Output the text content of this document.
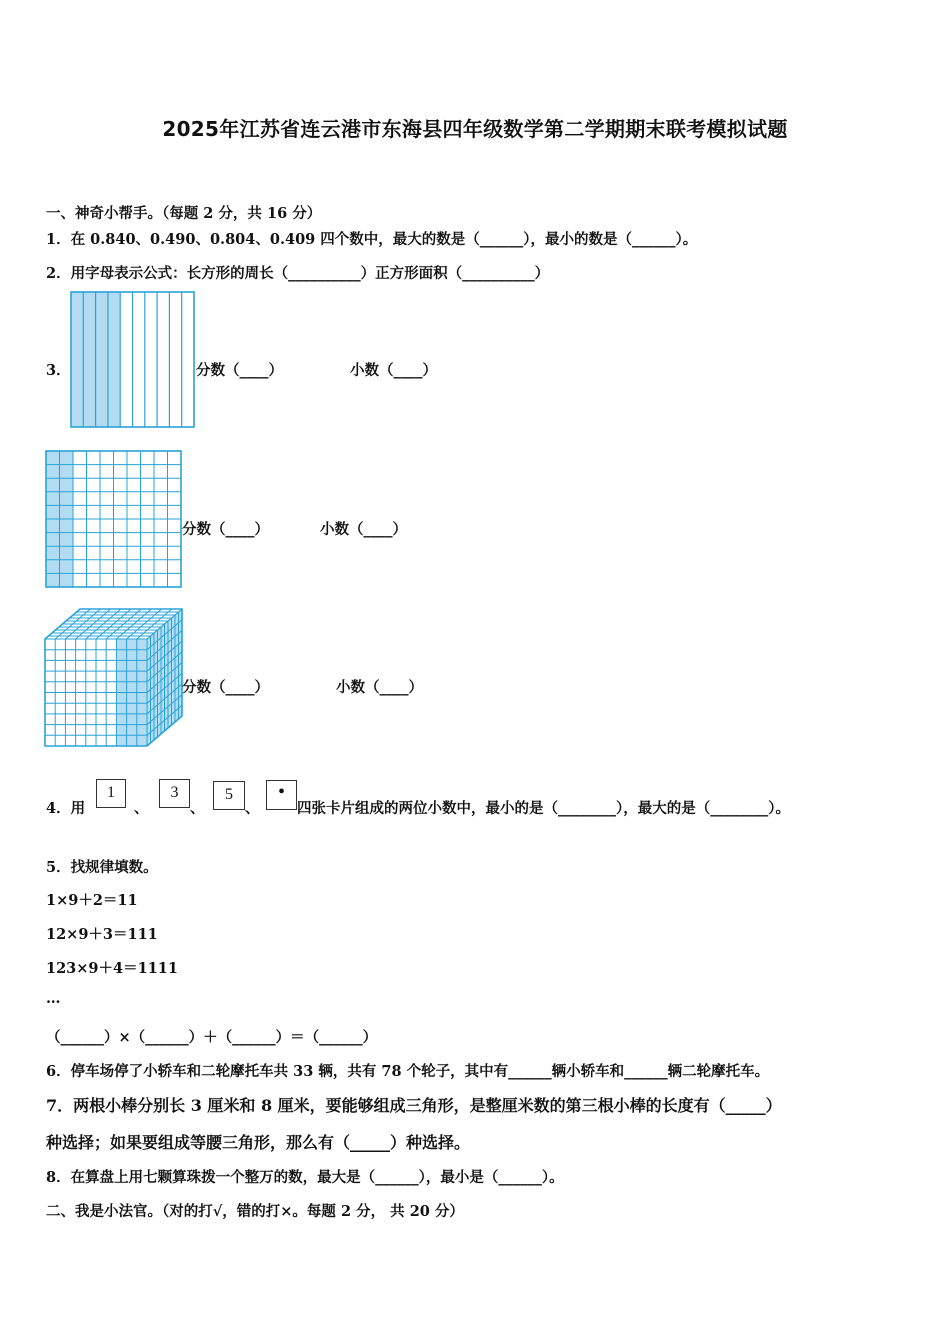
2025年江苏省连云港市东海县四年级数学第二学期期末联考模拟试题
一、神奇小帮手。（每题 2 分，共 16 分）
1．在 0.840、0.490、0.804、0.409 四个数中，最大的数是（______），最小的数是（______）。
2．用字母表示公式：长方形的周长（__________）正方形面积（__________）
3．	分数（____）	小数（____）
分数（____）	小数（____）
分数（____）	小数（____）
4．用
1
、
3
、
5
、
•
四张卡片组成的两位小数中，最小的是（________），最大的是（________）。
5．找规律填数。
1×9＋2＝11
12×9＋3＝111
123×9＋4＝1111
…
（______）×（______）＋（______）＝（______）
6．停车场停了小轿车和二轮摩托车共 33 辆，共有 78 个轮子，其中有______辆小轿车和______辆二轮摩托车。
7．两根小棒分别长 3 厘米和 8 厘米，要能够组成三角形，是整厘米数的第三根小棒的长度有（_____）
种选择；如果要组成等腰三角形，那么有（_____）种选择。
8．在算盘上用七颗算珠拨一个整万的数，最大是（______），最小是（______）。
二、我是小法官。（对的打√，错的打×。每题 2 分， 共 20 分）
